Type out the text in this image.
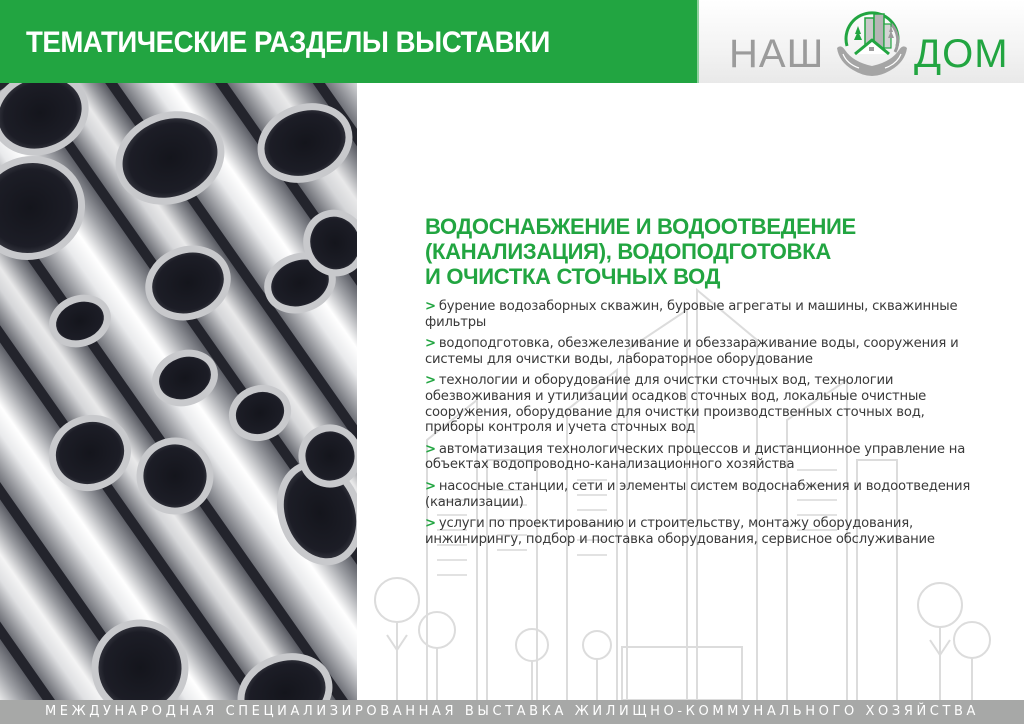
ТЕМАТИЧЕСКИЕ РАЗДЕЛЫ ВЫСТАВКИ	НАШ ДОМ
ВОДОСНАБЖЕНИЕ И ВОДООТВЕДЕНИЕ
(КАНАЛИЗАЦИЯ), ВОДОПОДГОТОВКА
И ОЧИСТКА СТОЧНЫХ ВОД
> бурение водозаборных скважин, буровые агрегаты и машины, скважинные фильтры
> водоподготовка, обезжелезивание и обеззараживание воды, сооружения и системы для очистки воды, лабораторное оборудование
> технологии и оборудование для очистки сточных вод, технологии обезвоживания и утилизации осадков сточных вод, локальные очистные сооружения, оборудование для очистки производственных сточных вод, приборы контроля и учета сточных вод
> автоматизация технологических процессов и дистанционное управление на объектах водопроводно-канализационного хозяйства
> насосные станции, сети и элементы систем водоснабжения и водоотведения (канализации)
> услуги по проектированию и строительству, монтажу оборудования, инжинирингу, подбор и поставка оборудования, сервисное обслуживание
МЕЖДУНАРОДНАЯ СПЕЦИАЛИЗИРОВАННАЯ ВЫСТАВКА ЖИЛИЩНО-КОММУНАЛЬНОГО ХОЗЯЙСТВА
